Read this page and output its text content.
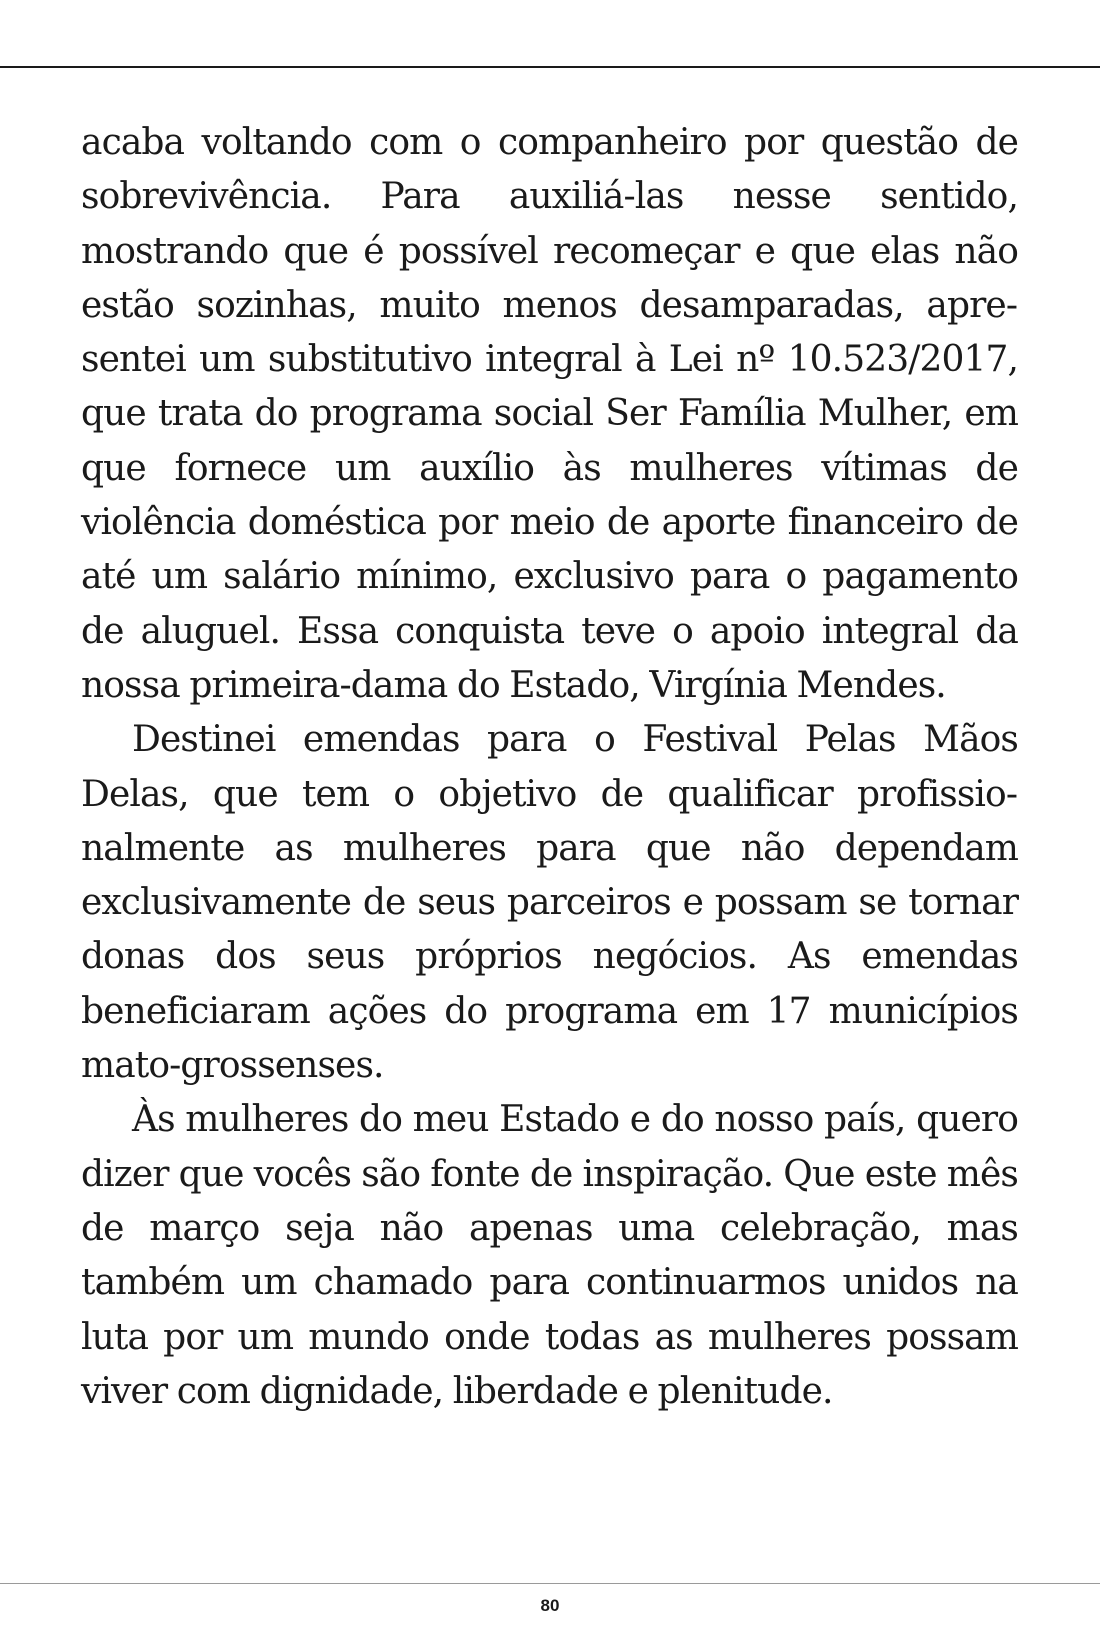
acaba voltando com o companheiro por questão de sobrevivência. Para auxiliá-las nesse sentido, mostrando que é possível recomeçar e que elas não estão sozinhas, muito menos desamparadas, apresentei um substitutivo integral à Lei nº 10.523/2017, que trata do programa social Ser Família Mulher, em que fornece um auxílio às mulheres vítimas de violência doméstica por meio de aporte financeiro de até um salário mínimo, exclusivo para o pagamento de aluguel. Essa conquista teve o apoio integral da nossa primeira-dama do Estado, Virgínia Mendes.

Destinei emendas para o Festival Pelas Mãos Delas, que tem o objetivo de qualificar profissionalmente as mulheres para que não dependam exclusivamente de seus parceiros e possam se tornar donas dos seus próprios negócios. As emendas beneficiaram ações do programa em 17 municípios mato-grossenses.

Às mulheres do meu Estado e do nosso país, quero dizer que vocês são fonte de inspiração. Que este mês de março seja não apenas uma celebração, mas também um chamado para continuarmos unidos na luta por um mundo onde todas as mulheres possam viver com dignidade, liberdade e plenitude.

80
